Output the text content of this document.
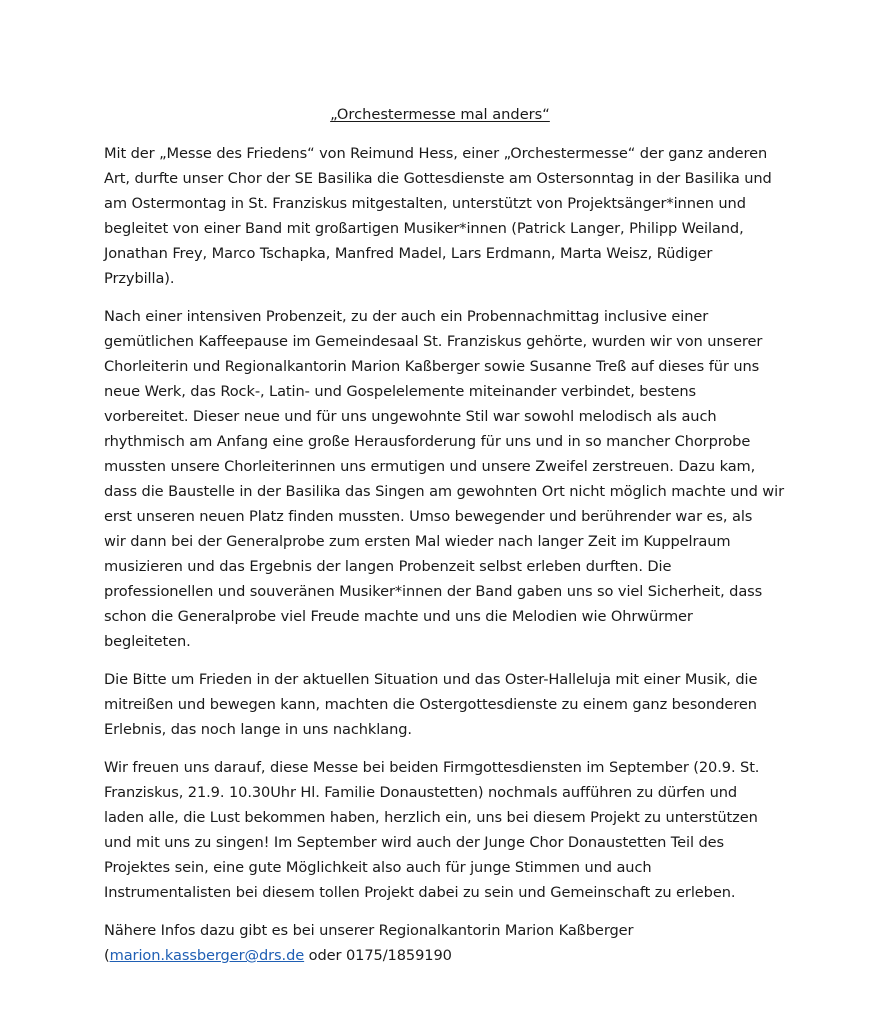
„Orchestermesse mal anders“

Mit der „Messe des Friedens“ von Reimund Hess, einer „Orchestermesse“ der ganz anderen
Art, durfte unser Chor der SE Basilika die Gottesdienste am Ostersonntag in der Basilika und
am Ostermontag in St. Franziskus mitgestalten, unterstützt von Projektsänger*innen und
begleitet von einer Band mit großartigen Musiker*innen (Patrick Langer, Philipp Weiland,
Jonathan Frey, Marco Tschapka, Manfred Madel, Lars Erdmann, Marta Weisz, Rüdiger
Przybilla).

Nach einer intensiven Probenzeit, zu der auch ein Probennachmittag inclusive einer
gemütlichen Kaffeepause im Gemeindesaal St. Franziskus gehörte, wurden wir von unserer
Chorleiterin und Regionalkantorin Marion Kaßberger sowie Susanne Treß auf dieses für uns
neue Werk, das Rock-, Latin- und Gospelelemente miteinander verbindet, bestens
vorbereitet. Dieser neue und für uns ungewohnte Stil war sowohl melodisch als auch
rhythmisch am Anfang eine große Herausforderung für uns und in so mancher Chorprobe
mussten unsere Chorleiterinnen uns ermutigen und unsere Zweifel zerstreuen. Dazu kam,
dass die Baustelle in der Basilika das Singen am gewohnten Ort nicht möglich machte und wir
erst unseren neuen Platz finden mussten. Umso bewegender und berührender war es, als
wir dann bei der Generalprobe zum ersten Mal wieder nach langer Zeit im Kuppelraum
musizieren und das Ergebnis der langen Probenzeit selbst erleben durften. Die
professionellen und souveränen Musiker*innen der Band gaben uns so viel Sicherheit, dass
schon die Generalprobe viel Freude machte und uns die Melodien wie Ohrwürmer
begleiteten.

Die Bitte um Frieden in der aktuellen Situation und das Oster-Halleluja mit einer Musik, die
mitreißen und bewegen kann, machten die Ostergottesdienste zu einem ganz besonderen
Erlebnis, das noch lange in uns nachklang.

Wir freuen uns darauf, diese Messe bei beiden Firmgottesdiensten im September (20.9. St.
Franziskus, 21.9. 10.30Uhr Hl. Familie Donaustetten) nochmals aufführen zu dürfen und
laden alle, die Lust bekommen haben, herzlich ein, uns bei diesem Projekt zu unterstützen
und mit uns zu singen! Im September wird auch der Junge Chor Donaustetten Teil des
Projektes sein, eine gute Möglichkeit also auch für junge Stimmen und auch
Instrumentalisten bei diesem tollen Projekt dabei zu sein und Gemeinschaft zu erleben.

Nähere Infos dazu gibt es bei unserer Regionalkantorin Marion Kaßberger
(marion.kassberger@drs.de oder 0175/1859190
